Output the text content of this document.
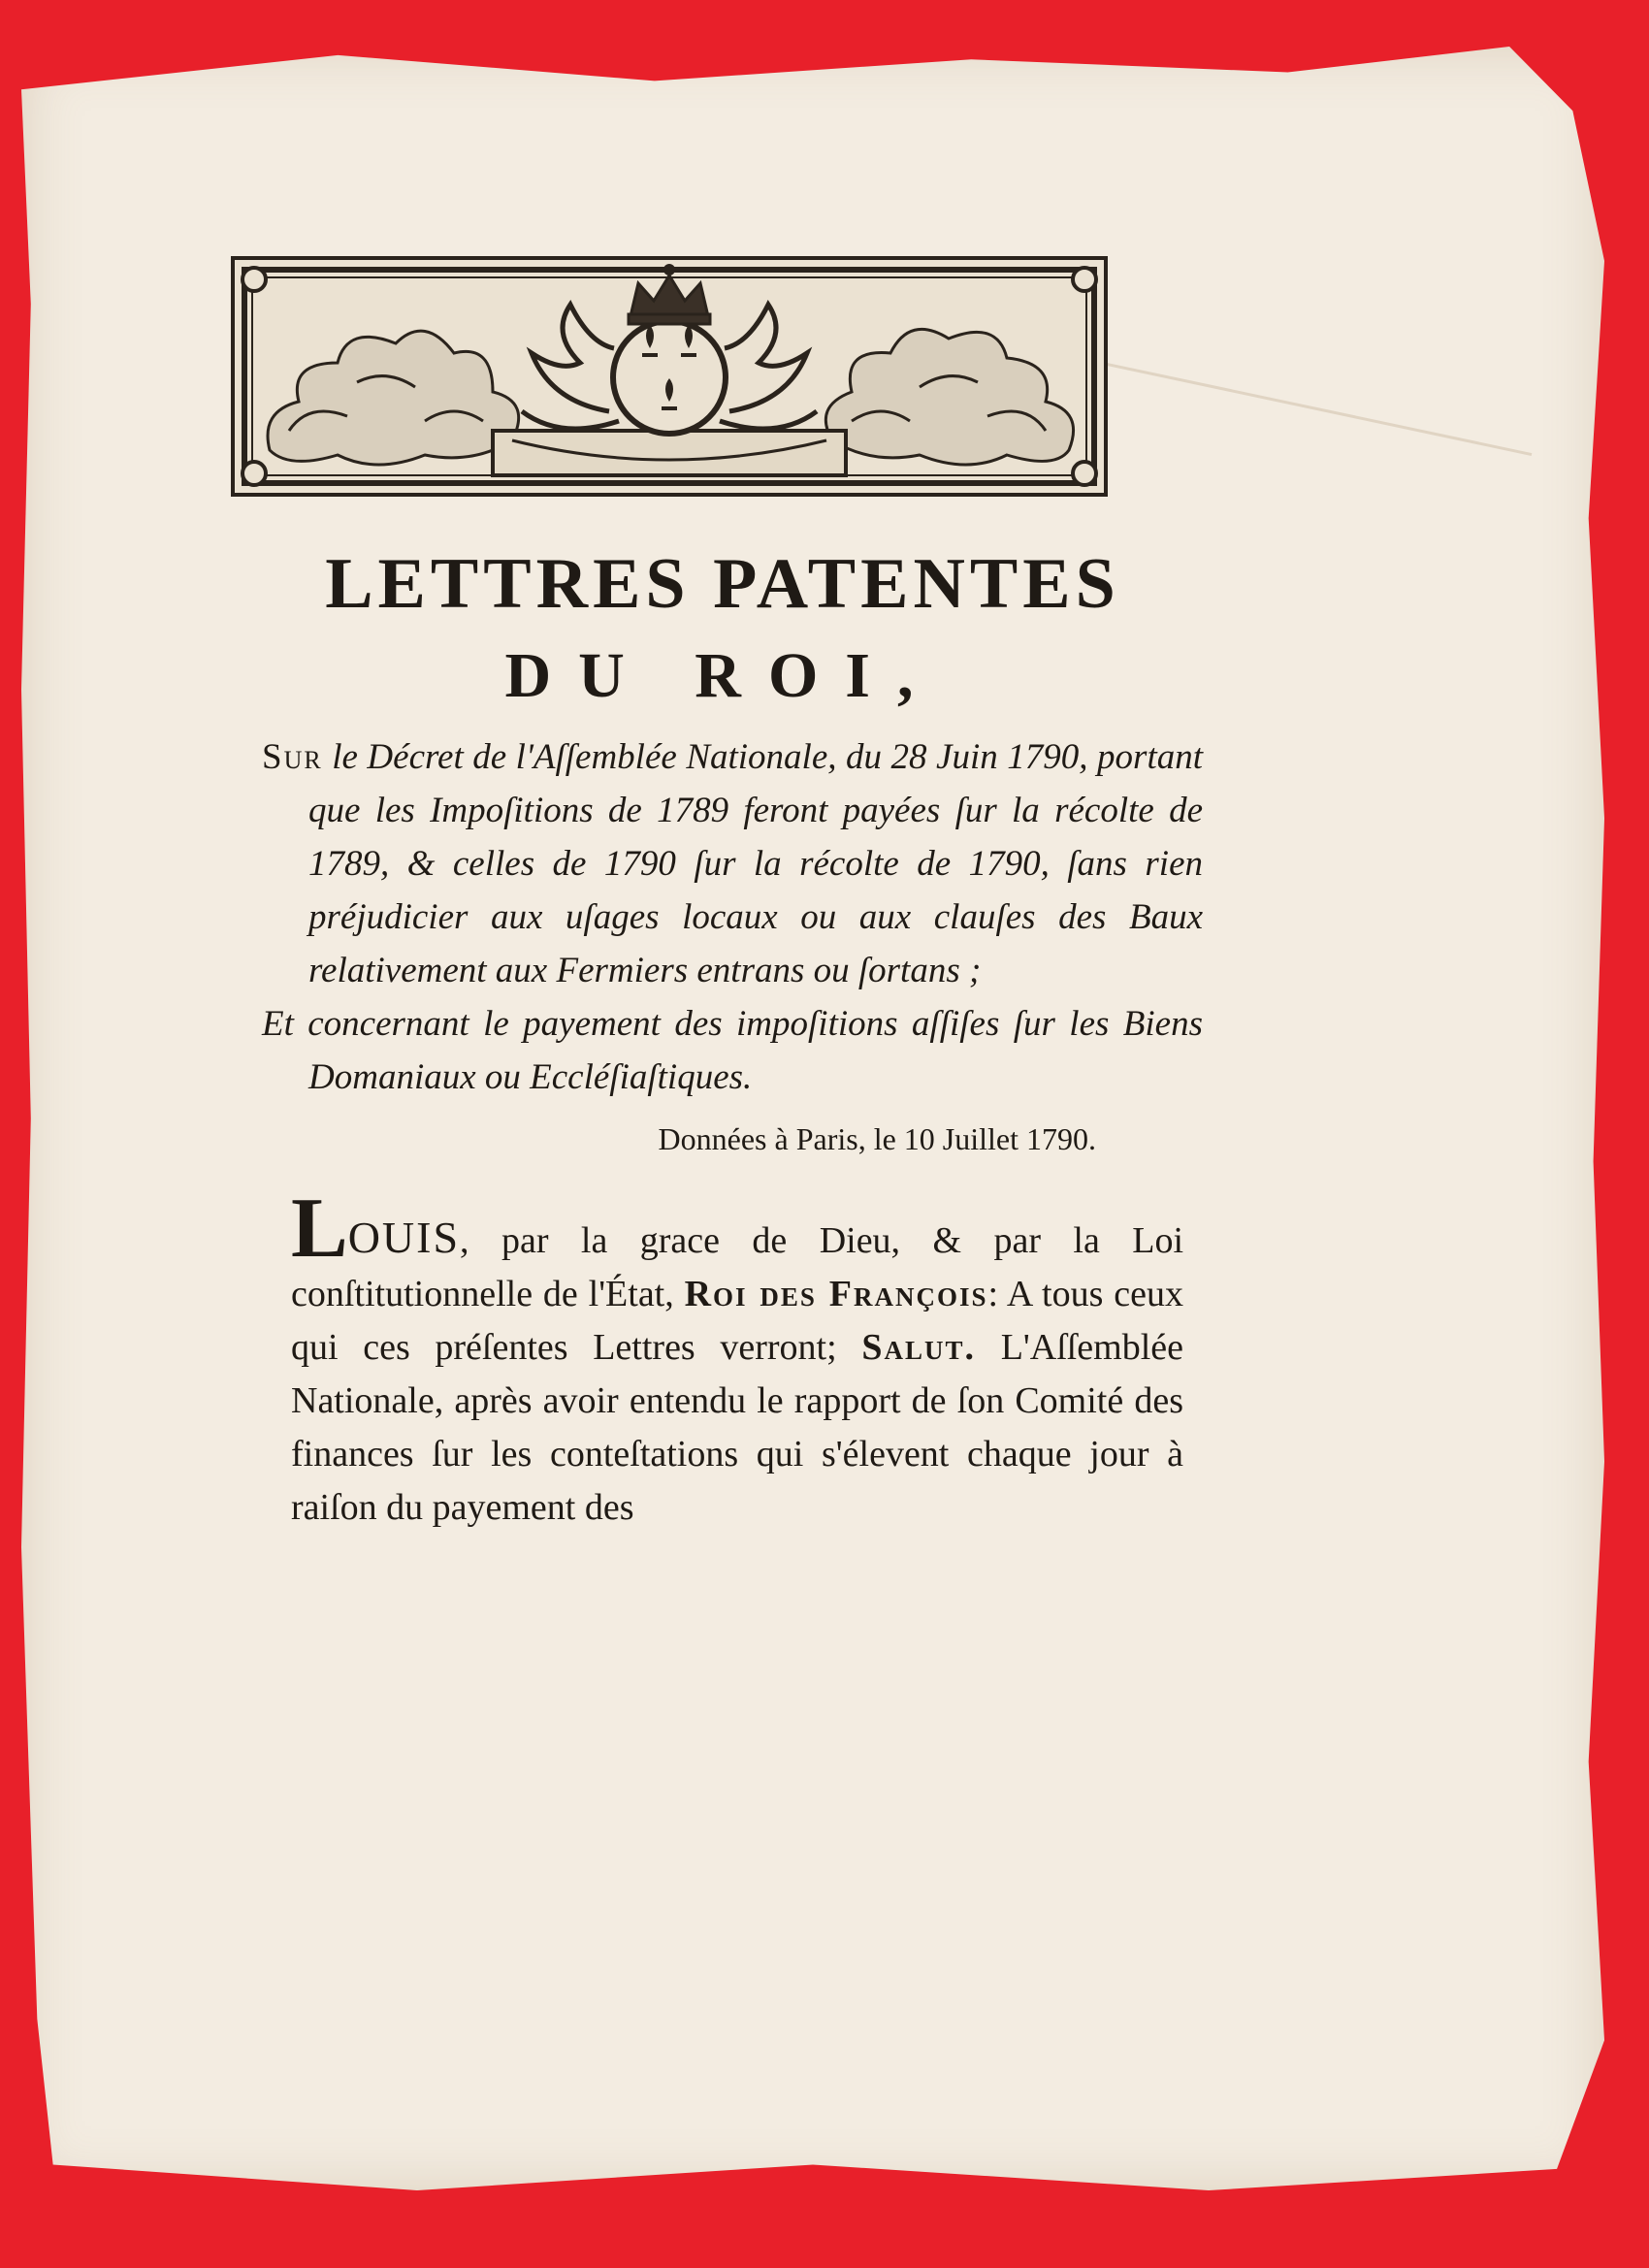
LETTRES PATENTES
DU ROI,

Sur le Décret de l'Aſſemblée Nationale, du 28 Juin 1790, portant que les Impoſitions de 1789 feront payées ſur la récolte de 1789, & celles de 1790 ſur la récolte de 1790, ſans rien préjudicier aux uſages locaux ou aux clauſes des Baux relativement aux Fermiers entrans ou ſortans ;

Et concernant le payement des impoſitions aſſiſes ſur les Biens Domaniaux ou Eccléſiaſtiques.

Données à Paris, le 10 Juillet 1790.

LOUIS, par la grace de Dieu, & par la Loi conſtitutionnelle de l'État, Roi des François: A tous ceux qui ces préſentes Lettres verront; Salut. L'Aſſemblée Nationale, après avoir entendu le rapport de ſon Comité des finances ſur les conteſtations qui s'élevent chaque jour à raiſon du payement des
